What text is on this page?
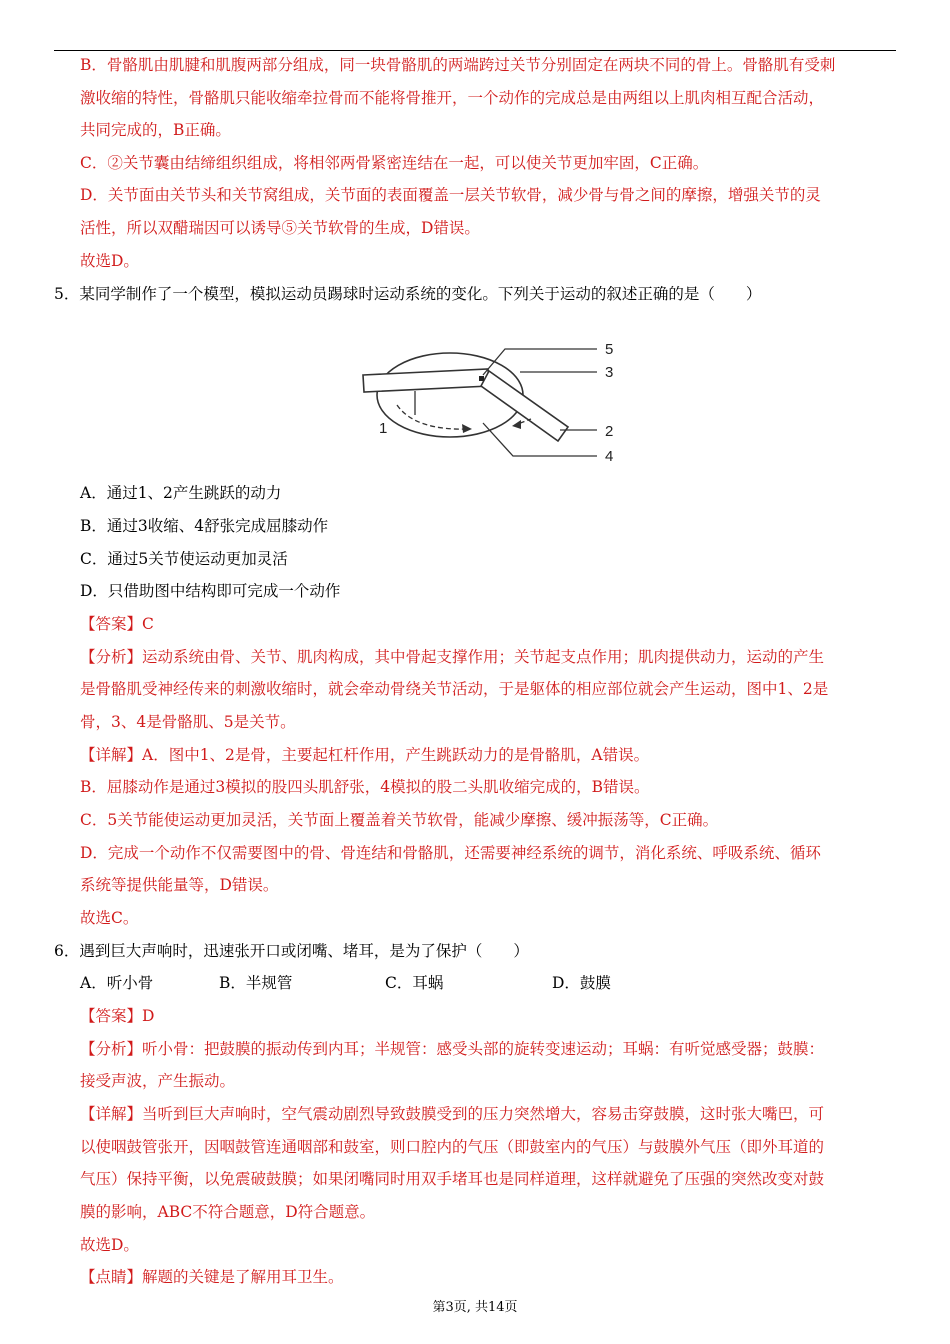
B．骨骼肌由肌腱和肌腹两部分组成，同一块骨骼肌的两端跨过关节分别固定在两块不同的骨上。骨骼肌有受刺
激收缩的特性，骨骼肌只能收缩牵拉骨而不能将骨推开，一个动作的完成总是由两组以上肌肉相互配合活动，
共同完成的，B正确。
C．②关节囊由结缔组织组成，将相邻两骨紧密连结在一起，可以使关节更加牢固，C正确。
D．关节面由关节头和关节窝组成，关节面的表面覆盖一层关节软骨，减少骨与骨之间的摩擦，增强关节的灵
活性，所以双醋瑞因可以诱导⑤关节软骨的生成，D错误。
故选D。
5．某同学制作了一个模型，模拟运动员踢球时运动系统的变化。下列关于运动的叙述正确的是（　　）
5
3
1	2
4
A．通过1、2产生跳跃的动力
B．通过3收缩、4舒张完成屈膝动作
C．通过5关节使运动更加灵活
D．只借助图中结构即可完成一个动作
【答案】C
【分析】运动系统由骨、关节、肌肉构成，其中骨起支撑作用；关节起支点作用；肌肉提供动力，运动的产生
是骨骼肌受神经传来的刺激收缩时，就会牵动骨绕关节活动，于是躯体的相应部位就会产生运动，图中1、2是
骨，3、4是骨骼肌、5是关节。
【详解】A．图中1、2是骨，主要起杠杆作用，产生跳跃动力的是骨骼肌，A错误。
B．屈膝动作是通过3模拟的股四头肌舒张，4模拟的股二头肌收缩完成的，B错误。
C．5关节能使运动更加灵活，关节面上覆盖着关节软骨，能减少摩擦、缓冲振荡等，C正确。
D．完成一个动作不仅需要图中的骨、骨连结和骨骼肌，还需要神经系统的调节，消化系统、呼吸系统、循环
系统等提供能量等，D错误。
故选C。
6．遇到巨大声响时，迅速张开口或闭嘴、堵耳，是为了保护（　　）
A．听小骨	B．半规管	C．耳蜗	D．鼓膜
【答案】D
【分析】听小骨：把鼓膜的振动传到内耳；半规管：感受头部的旋转变速运动；耳蜗：有听觉感受器；鼓膜：
接受声波，产生振动。
【详解】当听到巨大声响时，空气震动剧烈导致鼓膜受到的压力突然增大，容易击穿鼓膜，这时张大嘴巴，可
以使咽鼓管张开，因咽鼓管连通咽部和鼓室，则口腔内的气压（即鼓室内的气压）与鼓膜外气压（即外耳道的
气压）保持平衡，以免震破鼓膜；如果闭嘴同时用双手堵耳也是同样道理，这样就避免了压强的突然改变对鼓
膜的影响，ABC不符合题意，D符合题意。
故选D。
【点睛】解题的关键是了解用耳卫生。
第3页, 共14页
